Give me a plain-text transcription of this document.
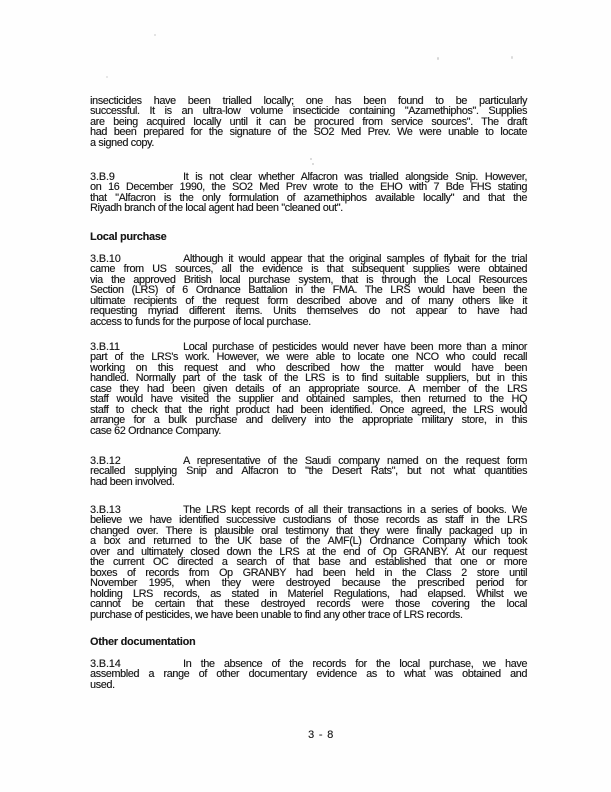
insecticides have been trialled locally; one has been found to be particularly
successful. It is an ultra-low volume insecticide containing "Azamethiphos". Supplies
are being acquired locally until it can be procured from service sources". The draft
had been prepared for the signature of the SO2 Med Prev. We were unable to locate
a signed copy.
3.B.9	It is not clear whether Alfacron was trialled alongside Snip. However,
on 16 December 1990, the SO2 Med Prev wrote to the EHO with 7 Bde FHS stating
that "Alfacron is the only formulation of azamethiphos available locally" and that the
Riyadh branch of the local agent had been "cleaned out".
Local purchase
3.B.10	Although it would appear that the original samples of flybait for the trial
came from US sources, all the evidence is that subsequent supplies were obtained
via the approved British local purchase system, that is through the Local Resources
Section (LRS) of 6 Ordnance Battalion in the FMA. The LRS would have been the
ultimate recipients of the request form described above and of many others like it
requesting myriad different items. Units themselves do not appear to have had
access to funds for the purpose of local purchase.
3.B.11	Local purchase of pesticides would never have been more than a minor
part of the LRS's work. However, we were able to locate one NCO who could recall
working on this request and who described how the matter would have been
handled. Normally part of the task of the LRS is to find suitable suppliers, but in this
case they had been given details of an appropriate source. A member of the LRS
staff would have visited the supplier and obtained samples, then returned to the HQ
staff to check that the right product had been identified. Once agreed, the LRS would
arrange for a bulk purchase and delivery into the appropriate military store, in this
case 62 Ordnance Company.
3.B.12	A representative of the Saudi company named on the request form
recalled supplying Snip and Alfacron to "the Desert Rats", but not what quantities
had been involved.
3.B.13	The LRS kept records of all their transactions in a series of books. We
believe we have identified successive custodians of those records as staff in the LRS
changed over. There is plausible oral testimony that they were finally packaged up in
a box and returned to the UK base of the AMF(L) Ordnance Company which took
over and ultimately closed down the LRS at the end of Op GRANBY. At our request
the current OC directed a search of that base and established that one or more
boxes of records from Op GRANBY had been held in the Class 2 store until
November 1995, when they were destroyed because the prescribed period for
holding LRS records, as stated in Materiel Regulations, had elapsed. Whilst we
cannot be certain that these destroyed records were those covering the local
purchase of pesticides, we have been unable to find any other trace of LRS records.
Other documentation
3.B.14	In the absence of the records for the local purchase, we have
assembled a range of other documentary evidence as to what was obtained and
used.
3 - 8
